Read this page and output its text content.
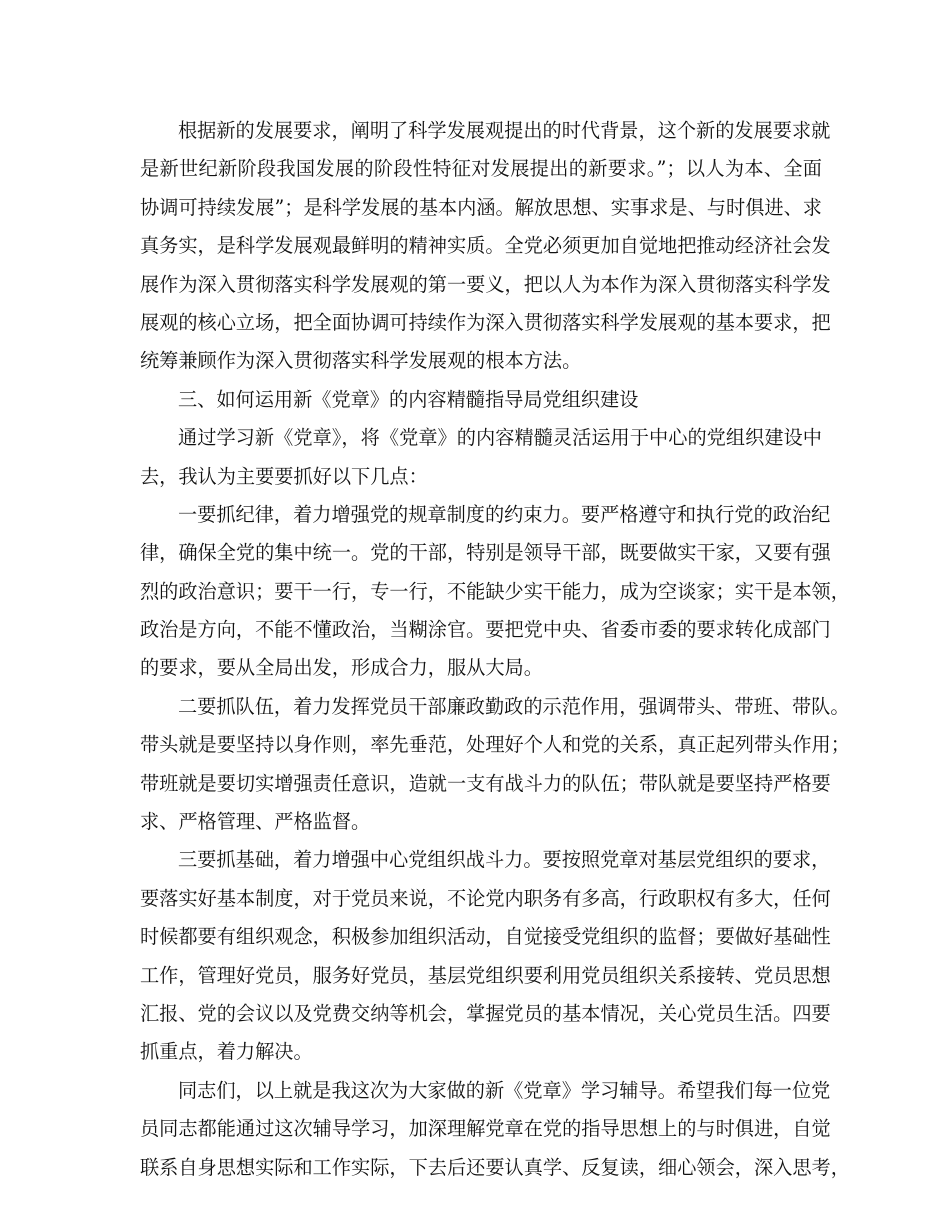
根据新的发展要求，阐明了科学发展观提出的时代背景，这个新的发展要求就
是新世纪新阶段我国发展的阶段性特征对发展提出的新要求。”；以人为本、全面
协调可持续发展”；是科学发展的基本内涵。解放思想、实事求是、与时俱进、求
真务实，是科学发展观最鲜明的精神实质。全党必须更加自觉地把推动经济社会发
展作为深入贯彻落实科学发展观的第一要义，把以人为本作为深入贯彻落实科学发
展观的核心立场，把全面协调可持续作为深入贯彻落实科学发展观的基本要求，把
统筹兼顾作为深入贯彻落实科学发展观的根本方法。
三、如何运用新《党章》的内容精髓指导局党组织建设
通过学习新《党章》，将《党章》的内容精髓灵活运用于中心的党组织建设中
去，我认为主要要抓好以下几点：
一要抓纪律，着力增强党的规章制度的约束力。要严格遵守和执行党的政治纪
律，确保全党的集中统一。党的干部，特别是领导干部，既要做实干家，又要有强
烈的政治意识；要干一行，专一行，不能缺少实干能力，成为空谈家；实干是本领，
政治是方向，不能不懂政治，当糊涂官。要把党中央、省委市委的要求转化成部门
的要求，要从全局出发，形成合力，服从大局。
二要抓队伍，着力发挥党员干部廉政勤政的示范作用，强调带头、带班、带队。
带头就是要坚持以身作则，率先垂范，处理好个人和党的关系，真正起列带头作用；
带班就是要切实增强责任意识，造就一支有战斗力的队伍；带队就是要坚持严格要
求、严格管理、严格监督。
三要抓基础，着力增强中心党组织战斗力。要按照党章对基层党组织的要求，
要落实好基本制度，对于党员来说，不论党内职务有多高，行政职权有多大，任何
时候都要有组织观念，积极参加组织活动，自觉接受党组织的监督；要做好基础性
工作，管理好党员，服务好党员，基层党组织要利用党员组织关系接转、党员思想
汇报、党的会议以及党费交纳等机会，掌握党员的基本情况，关心党员生活。四要
抓重点，着力解决。
同志们，以上就是我这次为大家做的新《党章》学习辅导。希望我们每一位党
员同志都能通过这次辅导学习，加深理解党章在党的指导思想上的与时俱进，自觉
联系自身思想实际和工作实际，下去后还要认真学、反复读，细心领会，深入思考，
